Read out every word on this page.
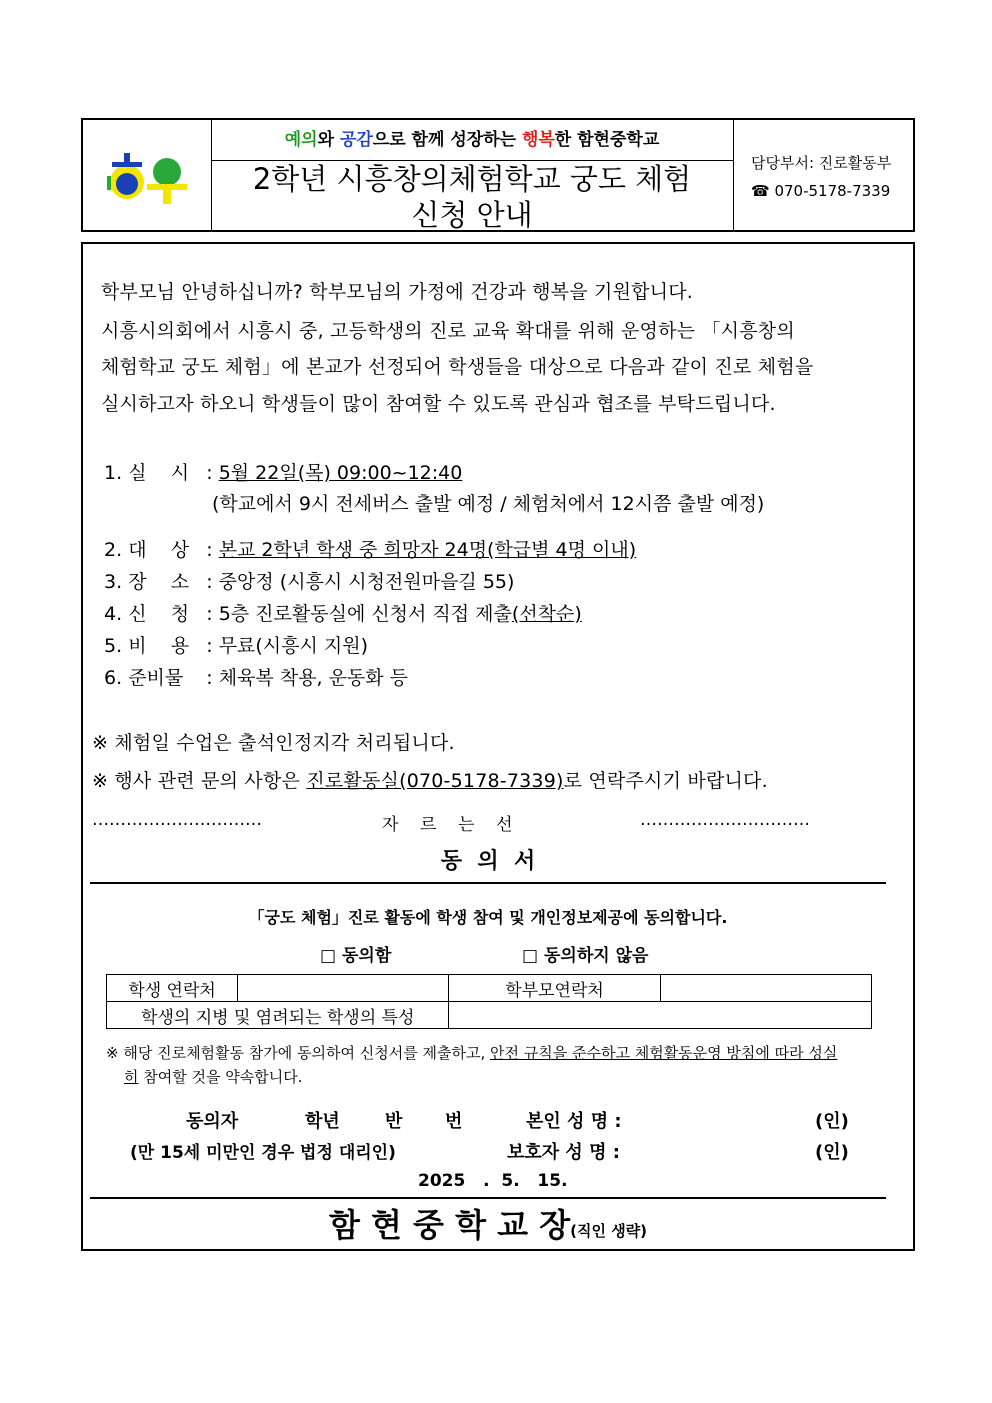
예의와 공감으로 함께 성장하는 행복한 함현중학교
2학년 시흥창의체험학교 궁도 체험
신청 안내
담당부서: 진로활동부
☎ 070-5178-7339
학부모님 안녕하십니까? 학부모님의 가정에 건강과 행복을 기원합니다.
시흥시의회에서 시흥시 중, 고등학생의 진로 교육 확대를 위해 운영하는 「시흥창의
체험학교 궁도 체험」에 본교가 선정되어 학생들을 대상으로 다음과 같이 진로 체험을
실시하고자 하오니 학생들이 많이 참여할 수 있도록 관심과 협조를 부탁드립니다.
1. 실    시 : 5월 22일(목) 09:00~12:40
(학교에서 9시 전세버스 출발 예정 / 체험처에서 12시쯤 출발 예정)
2. 대    상 : 본교 2학년 학생 중 희망자 24명(학급별 4명 이내)
3. 장    소 : 중앙정 (시흥시 시청전원마을길 55)
4. 신    청 : 5층 진로활동실에 신청서 직접 제출(선착순)
5. 비    용 : 무료(시흥시 지원)
6. 준비물 : 체육복 착용, 운동화 등
※ 체험일 수업은 출석인정지각 처리됩니다.
※ 행사 관련 문의 사항은 진로활동실(070-5178-7339)로 연락주시기 바랍니다.
…………………………	자    르    는    선	…………………………
동  의  서
「궁도 체험」진로 활동에 학생 참여 및 개인정보제공에 동의합니다.
□ 동의함	□ 동의하지 않음
학생 연락처		학부모연락처	
학생의 지병 및 염려되는 학생의 특성			
※ 해당 진로체험활동 참가에 동의하여 신청서를 제출하고, 안전 규칙을 준수하고 체험활동운영 방침에 따라 성실
히 참여할 것을 약속합니다.
동의자	학년	반 번	본인 성 명 :	(인)
(만 15세 미만인 경우 법정 대리인)	보호자 성 명 :	(인)
2025   .  5.   15.
함 현 중 학 교 장(직인 생략)
